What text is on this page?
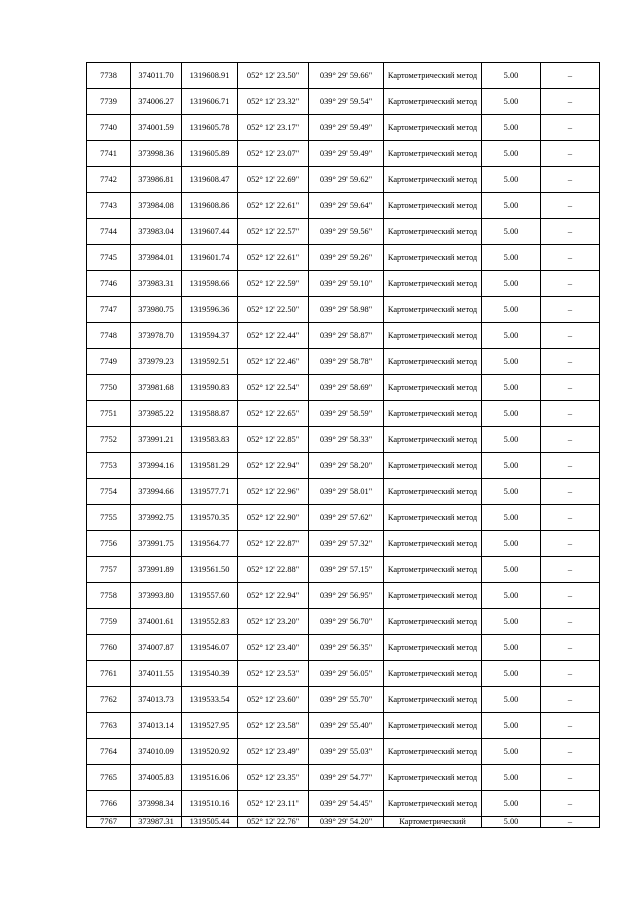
7738	374011.70	1319608.91	052° 12' 23.50"	039° 29' 59.66"	Картометрический метод	5.00	–
7739	374006.27	1319606.71	052° 12' 23.32"	039° 29' 59.54"	Картометрический метод	5.00	–
7740	374001.59	1319605.78	052° 12' 23.17"	039° 29' 59.49"	Картометрический метод	5.00	–
7741	373998.36	1319605.89	052° 12' 23.07"	039° 29' 59.49"	Картометрический метод	5.00	–
7742	373986.81	1319608.47	052° 12' 22.69"	039° 29' 59.62"	Картометрический метод	5.00	–
7743	373984.08	1319608.86	052° 12' 22.61"	039° 29' 59.64"	Картометрический метод	5.00	–
7744	373983.04	1319607.44	052° 12' 22.57"	039° 29' 59.56"	Картометрический метод	5.00	–
7745	373984.01	1319601.74	052° 12' 22.61"	039° 29' 59.26"	Картометрический метод	5.00	–
7746	373983.31	1319598.66	052° 12' 22.59"	039° 29' 59.10"	Картометрический метод	5.00	–
7747	373980.75	1319596.36	052° 12' 22.50"	039° 29' 58.98"	Картометрический метод	5.00	–
7748	373978.70	1319594.37	052° 12' 22.44"	039° 29' 58.87"	Картометрический метод	5.00	–
7749	373979.23	1319592.51	052° 12' 22.46"	039° 29' 58.78"	Картометрический метод	5.00	–
7750	373981.68	1319590.83	052° 12' 22.54"	039° 29' 58.69"	Картометрический метод	5.00	–
7751	373985.22	1319588.87	052° 12' 22.65"	039° 29' 58.59"	Картометрический метод	5.00	–
7752	373991.21	1319583.83	052° 12' 22.85"	039° 29' 58.33"	Картометрический метод	5.00	–
7753	373994.16	1319581.29	052° 12' 22.94"	039° 29' 58.20"	Картометрический метод	5.00	–
7754	373994.66	1319577.71	052° 12' 22.96"	039° 29' 58.01"	Картометрический метод	5.00	–
7755	373992.75	1319570.35	052° 12' 22.90"	039° 29' 57.62"	Картометрический метод	5.00	–
7756	373991.75	1319564.77	052° 12' 22.87"	039° 29' 57.32"	Картометрический метод	5.00	–
7757	373991.89	1319561.50	052° 12' 22.88"	039° 29' 57.15"	Картометрический метод	5.00	–
7758	373993.80	1319557.60	052° 12' 22.94"	039° 29' 56.95"	Картометрический метод	5.00	–
7759	374001.61	1319552.83	052° 12' 23.20"	039° 29' 56.70"	Картометрический метод	5.00	–
7760	374007.87	1319546.07	052° 12' 23.40"	039° 29' 56.35"	Картометрический метод	5.00	–
7761	374011.55	1319540.39	052° 12' 23.53"	039° 29' 56.05"	Картометрический метод	5.00	–
7762	374013.73	1319533.54	052° 12' 23.60"	039° 29' 55.70"	Картометрический метод	5.00	–
7763	374013.14	1319527.95	052° 12' 23.58"	039° 29' 55.40"	Картометрический метод	5.00	–
7764	374010.09	1319520.92	052° 12' 23.49"	039° 29' 55.03"	Картометрический метод	5.00	–
7765	374005.83	1319516.06	052° 12' 23.35"	039° 29' 54.77"	Картометрический метод	5.00	–
7766	373998.34	1319510.16	052° 12' 23.11"	039° 29' 54.45"	Картометрический метод	5.00	–
7767	373987.31	1319505.44	052° 12' 22.76"	039° 29' 54.20"	Картометрический	5.00	–
